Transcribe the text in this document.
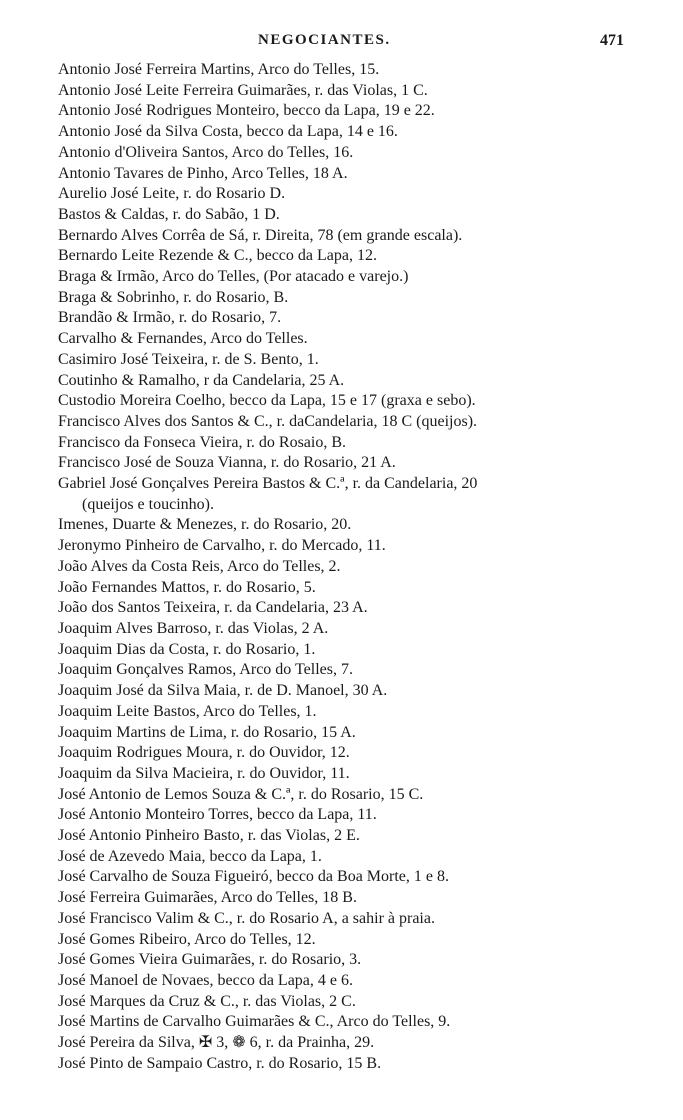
NEGOCIANTES.	471
Antonio José Ferreira Martins, Arco do Telles, 15.
Antonio José Leite Ferreira Guimarães, r. das Violas, 1 C.
Antonio José Rodrigues Monteiro, becco da Lapa, 19 e 22.
Antonio José da Silva Costa, becco da Lapa, 14 e 16.
Antonio d'Oliveira Santos, Arco do Telles, 16.
Antonio Tavares de Pinho, Arco Telles, 18 A.
Aurelio José Leite, r. do Rosario D.
Bastos & Caldas, r. do Sabão, 1 D.
Bernardo Alves Corrêa de Sá, r. Direita, 78 (em grande escala).
Bernardo Leite Rezende & C., becco da Lapa, 12.
Braga & Irmão, Arco do Telles, (Por atacado e varejo.)
Braga & Sobrinho, r. do Rosario, B.
Brandão & Irmão, r. do Rosario, 7.
Carvalho & Fernandes, Arco do Telles.
Casimiro José Teixeira, r. de S. Bento, 1.
Coutinho & Ramalho, r da Candelaria, 25 A.
Custodio Moreira Coelho, becco da Lapa, 15 e 17 (graxa e sebo).
Francisco Alves dos Santos & C., r. daCandelaria, 18 C (queijos).
Francisco da Fonseca Vieira, r. do Rosaio, B.
Francisco José de Souza Vianna, r. do Rosario, 21 A.
Gabriel José Gonçalves Pereira Bastos & C.ª, r. da Candelaria, 20
(queijos e toucinho).
Imenes, Duarte & Menezes, r. do Rosario, 20.
Jeronymo Pinheiro de Carvalho, r. do Mercado, 11.
João Alves da Costa Reis, Arco do Telles, 2.
João Fernandes Mattos, r. do Rosario, 5.
João dos Santos Teixeira, r. da Candelaria, 23 A.
Joaquim Alves Barroso, r. das Violas, 2 A.
Joaquim Dias da Costa, r. do Rosario, 1.
Joaquim Gonçalves Ramos, Arco do Telles, 7.
Joaquim José da Silva Maia, r. de D. Manoel, 30 A.
Joaquim Leite Bastos, Arco do Telles, 1.
Joaquim Martins de Lima, r. do Rosario, 15 A.
Joaquim Rodrigues Moura, r. do Ouvidor, 12.
Joaquim da Silva Macieira, r. do Ouvidor, 11.
José Antonio de Lemos Souza & C.ª, r. do Rosario, 15 C.
José Antonio Monteiro Torres, becco da Lapa, 11.
José Antonio Pinheiro Basto, r. das Violas, 2 E.
José de Azevedo Maia, becco da Lapa, 1.
José Carvalho de Souza Figueiró, becco da Boa Morte, 1 e 8.
José Ferreira Guimarães, Arco do Telles, 18 B.
José Francisco Valim & C., r. do Rosario A, a sahir à praia.
José Gomes Ribeiro, Arco do Telles, 12.
José Gomes Vieira Guimarães, r. do Rosario, 3.
José Manoel de Novaes, becco da Lapa, 4 e 6.
José Marques da Cruz & C., r. das Violas, 2 C.
José Martins de Carvalho Guimarães & C., Arco do Telles, 9.
José Pereira da Silva, ✠ 3, ❁ 6, r. da Prainha, 29.
José Pinto de Sampaio Castro, r. do Rosario, 15 B.
